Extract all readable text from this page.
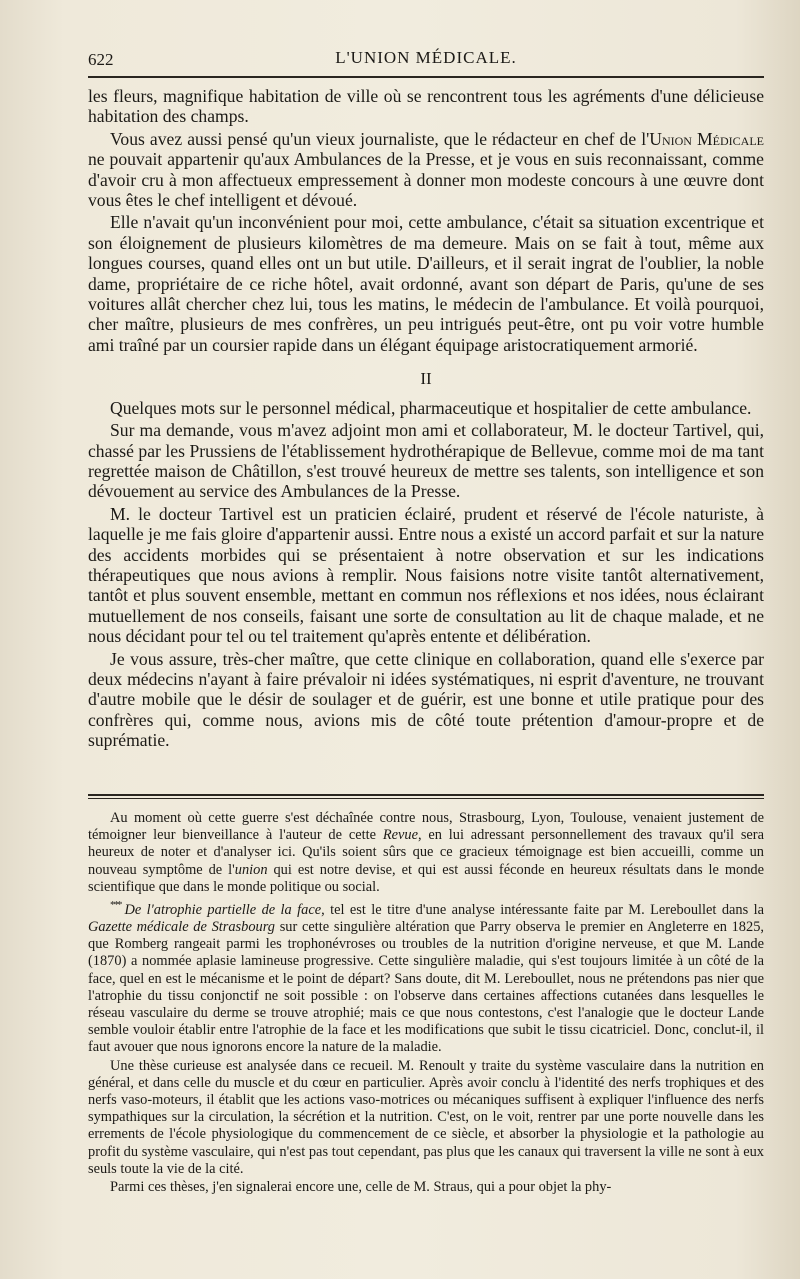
622	L'UNION MÉDICALE.

les fleurs, magnifique habitation de ville où se rencontrent tous les agréments d'une délicieuse habitation des champs.

Vous avez aussi pensé qu'un vieux journaliste, que le rédacteur en chef de l'Union Médicale ne pouvait appartenir qu'aux Ambulances de la Presse, et je vous en suis reconnaissant, comme d'avoir cru à mon affectueux empressement à donner mon modeste concours à une œuvre dont vous êtes le chef intelligent et dévoué.

Elle n'avait qu'un inconvénient pour moi, cette ambulance, c'était sa situation excentrique et son éloignement de plusieurs kilomètres de ma demeure. Mais on se fait à tout, même aux longues courses, quand elles ont un but utile. D'ailleurs, et il serait ingrat de l'oublier, la noble dame, propriétaire de ce riche hôtel, avait ordonné, avant son départ de Paris, qu'une de ses voitures allât chercher chez lui, tous les matins, le médecin de l'ambulance. Et voilà pourquoi, cher maître, plusieurs de mes confrères, un peu intrigués peut-être, ont pu voir votre humble ami traîné par un coursier rapide dans un élégant équipage aristocratiquement armorié.

II

Quelques mots sur le personnel médical, pharmaceutique et hospitalier de cette ambulance.

Sur ma demande, vous m'avez adjoint mon ami et collaborateur, M. le docteur Tartivel, qui, chassé par les Prussiens de l'établissement hydrothérapique de Bellevue, comme moi de ma tant regrettée maison de Châtillon, s'est trouvé heureux de mettre ses talents, son intelligence et son dévouement au service des Ambulances de la Presse.

M. le docteur Tartivel est un praticien éclairé, prudent et réservé de l'école naturiste, à laquelle je me fais gloire d'appartenir aussi. Entre nous a existé un accord parfait et sur la nature des accidents morbides qui se présentaient à notre observation et sur les indications thérapeutiques que nous avions à remplir. Nous faisions notre visite tantôt alternativement, tantôt et plus souvent ensemble, mettant en commun nos réflexions et nos idées, nous éclairant mutuellement de nos conseils, faisant une sorte de consultation au lit de chaque malade, et ne nous décidant pour tel ou tel traitement qu'après entente et délibération.

Je vous assure, très-cher maître, que cette clinique en collaboration, quand elle s'exerce par deux médecins n'ayant à faire prévaloir ni idées systématiques, ni esprit d'aventure, ne trouvant d'autre mobile que le désir de soulager et de guérir, est une bonne et utile pratique pour des confrères qui, comme nous, avions mis de côté toute prétention d'amour-propre et de suprématie.

Au moment où cette guerre s'est déchaînée contre nous, Strasbourg, Lyon, Toulouse, venaient justement de témoigner leur bienveillance à l'auteur de cette Revue, en lui adressant personnellement des travaux qu'il sera heureux de noter et d'analyser ici. Qu'ils soient sûrs que ce gracieux témoignage est bien accueilli, comme un nouveau symptôme de l'union qui est notre devise, et qui est aussi féconde en heureux résultats dans le monde scientifique que dans le monde politique ou social.

*** De l'atrophie partielle de la face, tel est le titre d'une analyse intéressante faite par M. Lereboullet dans la Gazette médicale de Strasbourg sur cette singulière altération que Parry observa le premier en Angleterre en 1825, que Romberg rangeait parmi les trophonévroses ou troubles de la nutrition d'origine nerveuse, et que M. Lande (1870) a nommée aplasie lamineuse progressive. Cette singulière maladie, qui s'est toujours limitée à un côté de la face, quel en est le mécanisme et le point de départ? Sans doute, dit M. Lereboullet, nous ne prétendons pas nier que l'atrophie du tissu conjonctif ne soit possible : on l'observe dans certaines affections cutanées dans lesquelles le réseau vasculaire du derme se trouve atrophié; mais ce que nous contestons, c'est l'analogie que le docteur Lande semble vouloir établir entre l'atrophie de la face et les modifications que subit le tissu cicatriciel. Donc, conclut-il, il faut avouer que nous ignorons encore la nature de la maladie.

Une thèse curieuse est analysée dans ce recueil. M. Renoult y traite du système vasculaire dans la nutrition en général, et dans celle du muscle et du cœur en particulier. Après avoir conclu à l'identité des nerfs trophiques et des nerfs vaso-moteurs, il établit que les actions vaso-motrices ou mécaniques suffisent à expliquer l'influence des nerfs sympathiques sur la circulation, la sécrétion et la nutrition. C'est, on le voit, rentrer par une porte nouvelle dans les errements de l'école physiologique du commencement de ce siècle, et absorber la physiologie et la pathologie au profit du système vasculaire, qui n'est pas tout cependant, pas plus que les canaux qui traversent la ville ne sont à eux seuls toute la vie de la cité.

Parmi ces thèses, j'en signalerai encore une, celle de M. Straus, qui a pour objet la phy-
